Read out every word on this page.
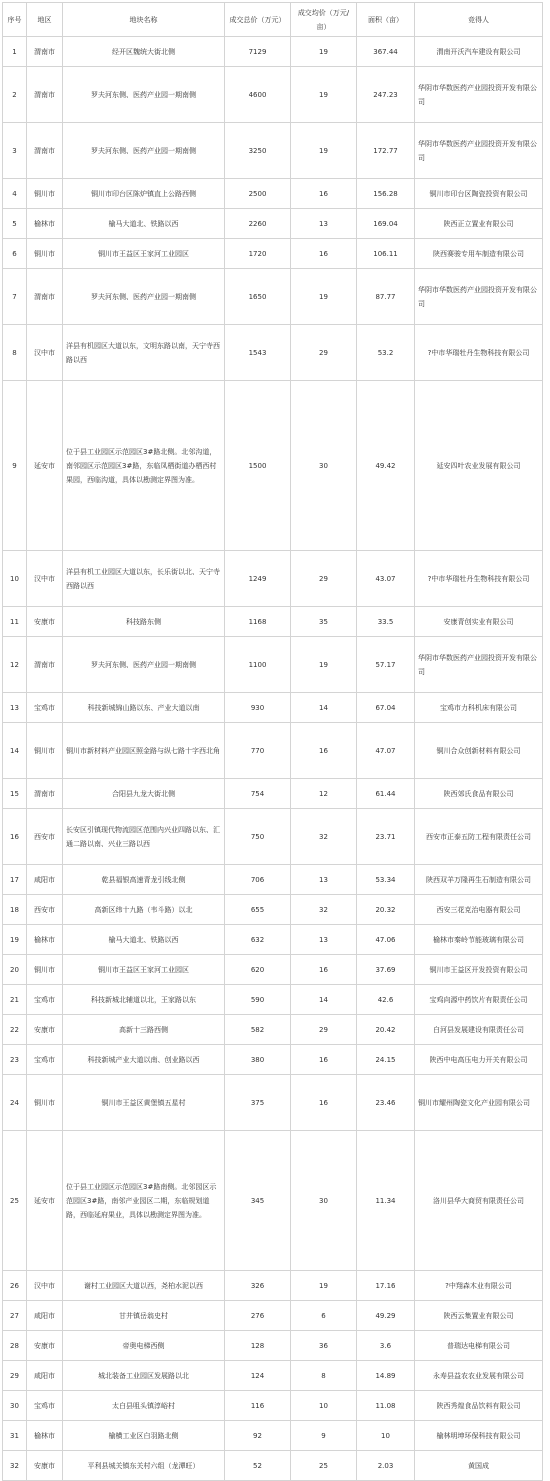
序号	地区	地块名称	成交总价（万元）	成交均价（万元/亩）	面积（亩）	竞得人
1	渭南市	经开区魏统大街北侧	7129	19	367.44	渭南开沃汽车建设有限公司
2	渭南市	罗夫河东侧、医药产业园一期南侧	4600	19	247.23	华阴市华数医药产业园投资开发有限公司
3	渭南市	罗夫河东侧、医药产业园一期南侧	3250	19	172.77	华阴市华数医药产业园投资开发有限公司
4	铜川市	铜川市印台区陈炉镇直上公路西侧	2500	16	156.28	铜川市印台区陶瓷投资有限公司
5	榆林市	榆马大道北、铁路以西	2260	13	169.04	陕西正立置业有限公司
6	铜川市	铜川市王益区王家河工业园区	1720	16	106.11	陕西赛骏专用车制造有限公司
7	渭南市	罗夫河东侧、医药产业园一期南侧	1650	19	87.77	华阴市华数医药产业园投资开发有限公司
8	汉中市	洋县有机园区大道以东，文明东路以南，天宁寺西路以西	1543	29	53.2	?中市华瑞牡丹生物科技有限公司
9	延安市	位于县工业园区示范园区3#路北侧。北邻沟道，南邻园区示范园区3#路，东临凤栖街道办栖西村果园，西临沟道，具体以勘测定界图为准。	1500	30	49.42	延安四叶农业发展有限公司
10	汉中市	洋县有机工业园区大道以东，长乐街以北、天宁寺西路以西	1249	29	43.07	?中市华瑞牡丹生物科技有限公司
11	安康市	科技路东侧	1168	35	33.5	安康青创实业有限公司
12	渭南市	罗夫河东侧、医药产业园一期南侧	1100	19	57.17	华阴市华数医药产业园投资开发有限公司
13	宝鸡市	科技新城锦山路以东、产业大道以南	930	14	67.04	宝鸡市力科机床有限公司
14	铜川市	铜川市新材料产业园区照金路与纵七路十字西北角	770	16	47.07	铜川合众创新材料有限公司
15	渭南市	合阳县九龙大街北侧	754	12	61.44	陕西郊氏食品有限公司
16	西安市	长安区引镇现代物流园区范围内兴业四路以东、汇通二路以南、兴业三路以西	750	32	23.71	西安市正泰五防工程有限责任公司
17	咸阳市	乾县福银高速青龙引线北侧	706	13	53.34	陕西双羊万隆再生石制造有限公司
18	西安市	高新区纬十九路（韦斗路）以北	655	32	20.32	西安三花克治电器有限公司
19	榆林市	榆马大道北、铁路以西	632	13	47.06	榆林市秦岭节能玻璃有限公司
20	铜川市	铜川市王益区王家河工业园区	620	16	37.69	铜川市王益区开发投资有限公司
21	宝鸡市	科技新城北辅道以北，王家路以东	590	14	42.6	宝鸡向源中药饮片有限责任公司
22	安康市	高新十三路西侧	582	29	20.42	白河县发展建设有限责任公司
23	宝鸡市	科技新城产业大道以南、创业路以西	380	16	24.15	陕西中电高压电力开关有限公司
24	铜川市	铜川市王益区黄堡镇五星村	375	16	23.46	铜川市耀州陶瓷文化产业园有限公司
25	延安市	位于县工业园区示范园区3#路南侧。北邻园区示范园区3#路，南邻产业园区二期，东临规划道路，西临延府果业，具体以勘测定界图为准。	345	30	11.34	洛川县华大商贸有限责任公司
26	汉中市	谢村工业园区大道以西，尧柏水泥以西	326	19	17.16	?中翔森木业有限公司
27	咸阳市	甘井镇岳翁史村	276	6	49.29	陕西云集置业有限公司
28	安康市	帝奥电梯西侧	128	36	3.6	普瑞达电梯有限公司
29	咸阳市	城北装备工业园区发展路以北	124	8	14.89	永寿县益农农业发展有限公司
30	宝鸡市	太白县咀头镇淳峪村	116	10	11.08	陕西秀煌食品饮料有限公司
31	榆林市	榆横工业区白羽路北侧	92	9	10	榆林明坤环保科技有限公司
32	安康市	平利县城关镇东关村六组（龙潭旺）	52	25	2.03	黄国成
